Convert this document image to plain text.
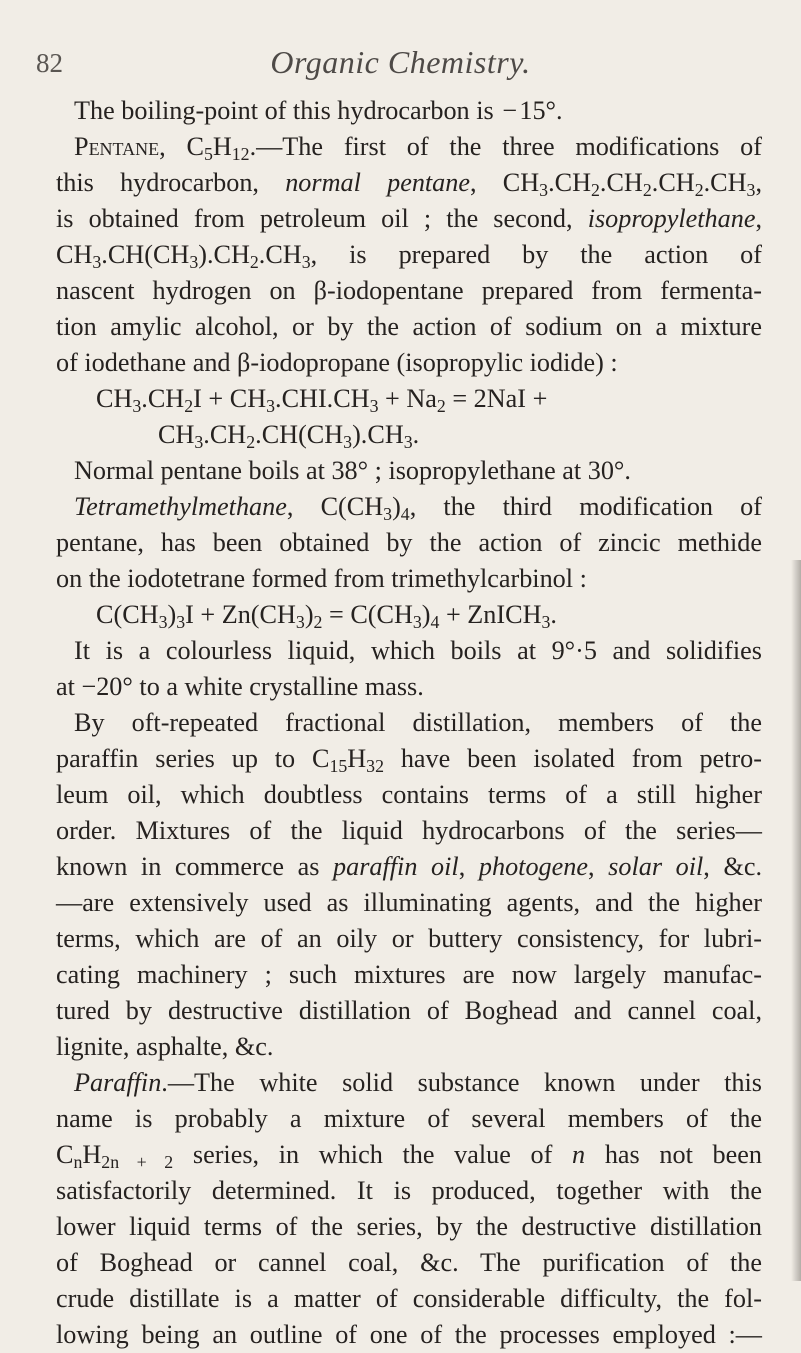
82	Organic Chemistry.
The boiling-point of this hydrocarbon is  − 15°.
Pentane, $C_5H_{12}.—The$ first of the three modifications of
this hydrocarbon, normal pentane, $CH_3.CH_2.CH_2.CH_2.CH_3$,
is obtained from petroleum oil ; the second, isopropylethane,
$CH_3.CH(CH_3).CH_2.CH_3$, is prepared by the action of
nascent hydrogen on β-iodopentane prepared from fermenta-
tion amylic alcohol, or by the action of sodium on a mixture
of iodethane and β-iodopropane (isopropylic iodide) :
$CH_3.CH_2I + CH_3.CHI.CH_3 + Na_2 = 2NaI$ +
$CH_3.CH_2.CH(CH_3).CH_3$.
Normal pentane boils at 38° ; isopropylethane at 30°.
Tetramethylmethane, $C(CH_3)_4$, the third modification of
pentane, has been obtained by the action of zincic methide
on the iodotetrane formed from trimethylcarbinol :
$C(CH_3)_3I + Zn(CH_3)_2 = C(CH_3)_4$ + ZnICH$_3$.
It is a colourless liquid, which boils at 9°·5 and solidifies
at −20° to a white crystalline mass.
By oft-repeated fractional distillation, members of the
paraffin series up to $C_{15}H_{32}$ have been isolated from petro-
leum oil, which doubtless contains terms of a still higher
order. Mixtures of the liquid hydrocarbons of the series—
known in commerce as paraffin oil, photogene, solar oil, &c.
—are extensively used as illuminating agents, and the higher
terms, which are of an oily or buttery consistency, for lubri-
cating machinery ; such mixtures are now largely manufac-
tured by destructive distillation of Boghead and cannel coal,
lignite, asphalte, &c.
Paraffin.—The white solid substance known under this
name is probably a mixture of several members of the
$C_nH_{2n + 2}$ series, in which the value of n has not been
satisfactorily determined. It is produced, together with the
lower liquid terms of the series, by the destructive distillation
of Boghead or cannel coal, &c. The purification of the
crude distillate is a matter of considerable difficulty, the fol-
lowing being an outline of one of the processes employed :—
